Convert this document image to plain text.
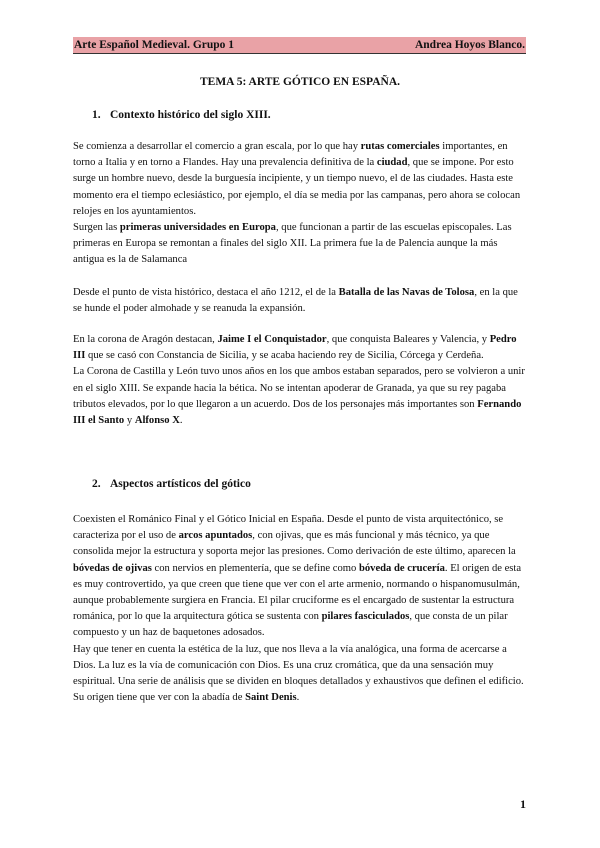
Arte Español Medieval. Grupo 1	Andrea Hoyos Blanco.
TEMA 5: ARTE GÓTICO EN ESPAÑA.
1. Contexto histórico del siglo XIII.

Se comienza a desarrollar el comercio a gran escala, por lo que hay rutas comerciales importantes, en torno a Italia y en torno a Flandes. Hay una prevalencia definitiva de la ciudad, que se impone. Por esto surge un hombre nuevo, desde la burguesía incipiente, y un tiempo nuevo, el de las ciudades. Hasta este momento era el tiempo eclesiástico, por ejemplo, el día se media por las campanas, pero ahora se colocan relojes en los ayuntamientos.

Surgen las primeras universidades en Europa, que funcionan a partir de las escuelas episcopales. Las primeras en Europa se remontan a finales del siglo XII. La primera fue la de Palencia aunque la más antigua es la de Salamanca

Desde el punto de vista histórico, destaca el año 1212, el de la Batalla de las Navas de Tolosa, en la que se hunde el poder almohade y se reanuda la expansión.

En la corona de Aragón destacan, Jaime I el Conquistador, que conquista Baleares y Valencia, y Pedro III que se casó con Constancia de Sicilia, y se acaba haciendo rey de Sicilia, Córcega y Cerdeña.

La Corona de Castilla y León tuvo unos años en los que ambos estaban separados, pero se volvieron a unir en el siglo XIII. Se expande hacia la bética. No se intentan apoderar de Granada, ya que su rey pagaba tributos elevados, por lo que llegaron a un acuerdo. Dos de los personajes más importantes son Fernando III el Santo y Alfonso X.

2. Aspectos artísticos del gótico

Coexisten el Románico Final y el Gótico Inicial en España. Desde el punto de vista arquitectónico, se caracteriza por el uso de arcos apuntados, con ojivas, que es más funcional y más técnico, ya que consolida mejor la estructura y soporta mejor las presiones. Como derivación de este último, aparecen la bóvedas de ojivas con nervios en plementería, que se define como bóveda de crucería. El origen de esta es muy controvertido, ya que creen que tiene que ver con el arte armenio, normando o hispanomusulmán, aunque probablemente surgiera en Francia. El pilar cruciforme es el encargado de sustentar la estructura románica, por lo que la arquitectura gótica se sustenta con pilares fasciculados, que consta de un pilar compuesto y un haz de baquetones adosados.

Hay que tener en cuenta la estética de la luz, que nos lleva a la vía analógica, una forma de acercarse a Dios. La luz es la vía de comunicación con Dios. Es una cruz cromática, que da una sensación muy espiritual. Una serie de análisis que se dividen en bloques detallados y exhaustivos que definen el edificio.

Su origen tiene que ver con la abadía de Saint Denis.

1
